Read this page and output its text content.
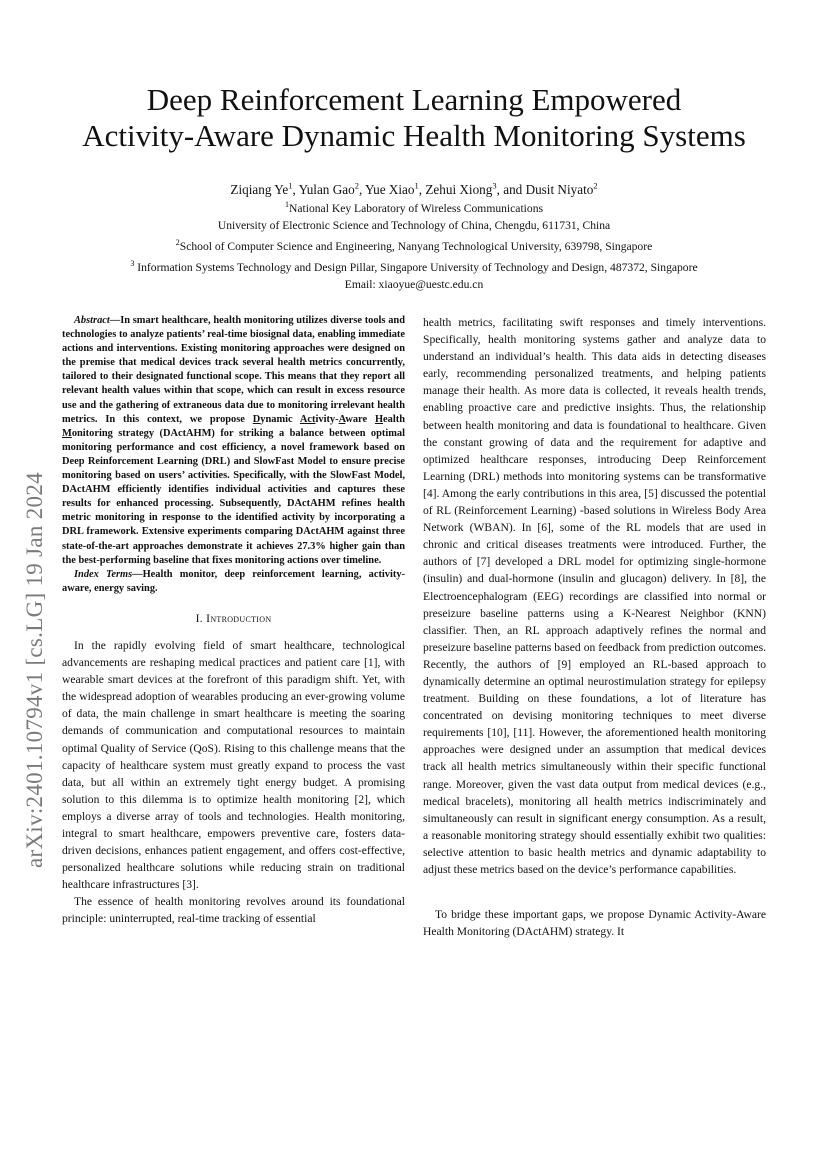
arXiv:2401.10794v1 [cs.LG] 19 Jan 2024
Deep Reinforcement Learning Empowered
Activity-Aware Dynamic Health Monitoring Systems
Ziqiang Ye$^1$, Yulan Gao$^2$, Yue Xiao$^1$, Zehui Xiong$^3$, and Dusit Niyato$^2$
$^1$National Key Laboratory of Wireless Communications
University of Electronic Science and Technology of China, Chengdu, 611731, China
$^2$School of Computer Science and Engineering, Nanyang Technological University, 639798, Singapore
$^3$ Information Systems Technology and Design Pillar, Singapore University of Technology and Design, 487372, Singapore
Email: xiaoyue@uestc.edu.cn

Abstract—In smart healthcare, health monitoring utilizes diverse tools and technologies to analyze patients’ real-time biosignal data, enabling immediate actions and interventions. Existing monitoring approaches were designed on the premise that medical devices track several health metrics concurrently, tailored to their designated functional scope. This means that they report all relevant health values within that scope, which can result in excess resource use and the gathering of extraneous data due to monitoring irrelevant health metrics. In this context, we propose Dynamic Activity-Aware Health Monitoring strategy (DActAHM) for striking a balance between optimal monitoring performance and cost efficiency, a novel framework based on Deep Reinforcement Learning (DRL) and SlowFast Model to ensure precise monitoring based on users’ activities. Specifically, with the SlowFast Model, DActAHM efficiently identifies individual activities and captures these results for enhanced processing. Subsequently, DActAHM refines health metric monitoring in response to the identified activity by incorporating a DRL framework. Extensive experiments comparing DActAHM against three state-of-the-art approaches demonstrate it achieves 27.3% higher gain than the best-performing baseline that fixes monitoring actions over timeline.

Index Terms—Health monitor, deep reinforcement learning, activity-aware, energy saving.

I. Introduction

In the rapidly evolving field of smart healthcare, technological advancements are reshaping medical practices and patient care [1], with wearable smart devices at the forefront of this paradigm shift. Yet, with the widespread adoption of wearables producing an ever-growing volume of data, the main challenge in smart healthcare is meeting the soaring demands of communication and computational resources to maintain optimal Quality of Service (QoS). Rising to this challenge means that the capacity of healthcare system must greatly expand to process the vast data, but all within an extremely tight energy budget. A promising solution to this dilemma is to optimize health monitoring [2], which employs a diverse array of tools and technologies. Health monitoring, integral to smart healthcare, empowers preventive care, fosters data-driven decisions, enhances patient engagement, and offers cost-effective, personalized healthcare solutions while reducing strain on traditional healthcare infrastructures [3].

The essence of health monitoring revolves around its foundational principle: uninterrupted, real-time tracking of essential

health metrics, facilitating swift responses and timely interventions. Specifically, health monitoring systems gather and analyze data to understand an individual’s health. This data aids in detecting diseases early, recommending personalized treatments, and helping patients manage their health. As more data is collected, it reveals health trends, enabling proactive care and predictive insights. Thus, the relationship between health monitoring and data is foundational to healthcare. Given the constant growing of data and the requirement for adaptive and optimized healthcare responses, introducing Deep Reinforcement Learning (DRL) methods into monitoring systems can be transformative [4]. Among the early contributions in this area, [5] discussed the potential of RL (Reinforcement Learning) -based solutions in Wireless Body Area Network (WBAN). In [6], some of the RL models that are used in chronic and critical diseases treatments were introduced. Further, the authors of [7] developed a DRL model for optimizing single-hormone (insulin) and dual-hormone (insulin and glucagon) delivery. In [8], the Electroencephalogram (EEG) recordings are classified into normal or preseizure baseline patterns using a K-Nearest Neighbor (KNN) classifier. Then, an RL approach adaptively refines the normal and preseizure baseline patterns based on feedback from prediction outcomes. Recently, the authors of [9] employed an RL-based approach to dynamically determine an optimal neurostimulation strategy for epilepsy treatment. Building on these foundations, a lot of literature has concentrated on devising monitoring techniques to meet diverse requirements [10], [11]. However, the aforementioned health monitoring approaches were designed under an assumption that medical devices track all health metrics simultaneously within their specific functional range. Moreover, given the vast data output from medical devices (e.g., medical bracelets), monitoring all health metrics indiscriminately and simultaneously can result in significant energy consumption. As a result, a reasonable monitoring strategy should essentially exhibit two qualities: selective attention to basic health metrics and dynamic adaptability to adjust these metrics based on the device’s performance capabilities.

To bridge these important gaps, we propose Dynamic Activity-Aware Health Monitoring (DActAHM) strategy. It
